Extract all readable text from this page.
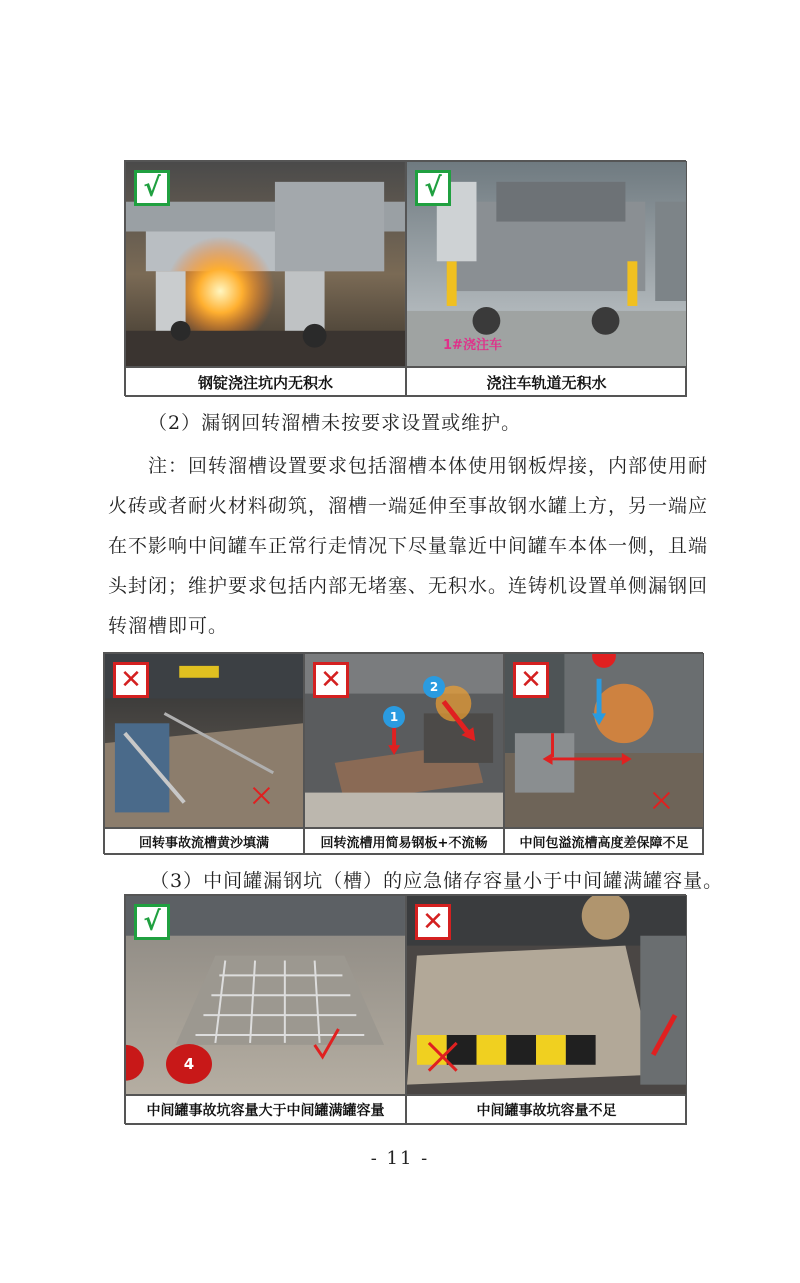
√	√
1#浇注车
钢锭浇注坑内无积水	浇注车轨道无积水

（2）漏钢回转溜槽未按要求设置或维护。

注：回转溜槽设置要求包括溜槽本体使用钢板焊接，内部使用耐火砖或者耐火材料砌筑，溜槽一端延伸至事故钢水罐上方，另一端应在不影响中间罐车正常行走情况下尽量靠近中间罐车本体一侧，且端头封闭；维护要求包括内部无堵塞、无积水。连铸机设置单侧漏钢回转溜槽即可。

✕	✕
1
2	✕
回转事故流槽黄沙填满	回转流槽用简易钢板+不流畅	中间包溢流槽高度差保障不足

（3）中间罐漏钢坑（槽）的应急储存容量小于中间罐满罐容量。

√
4
✕
中间罐事故坑容量大于中间罐满罐容量	中间罐事故坑容量不足
- 11 -
